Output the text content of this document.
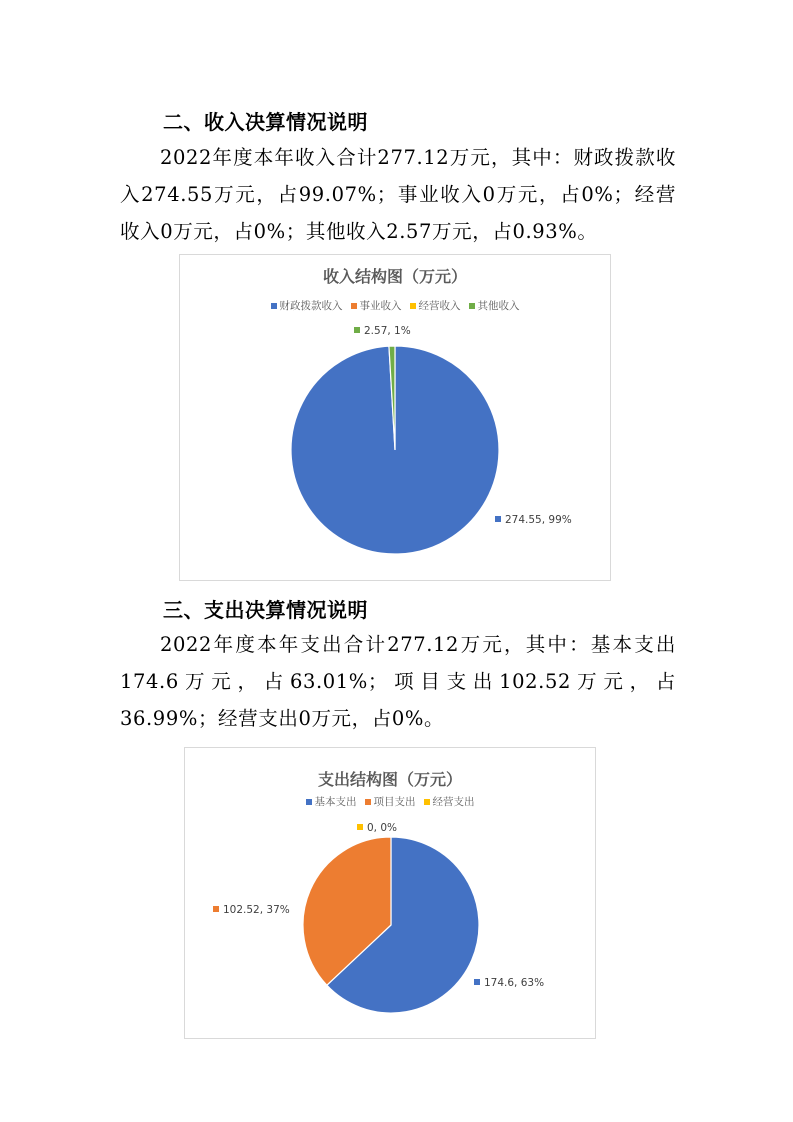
二、收入决算情况说明

2022年度本年收入合计277.12万元，其中：财政拨款收入274.55万元，占99.07%；事业收入0万元，占0%；经营收入0万元，占0%；其他收入2.57万元，占0.93%。

收入结构图（万元）
财政拨款收入 事业收入 经营收入 其他收入
274.55, 99%
2.57, 1%
三、支出决算情况说明

2022年度本年支出合计277.12万元，其中：基本支出174.6万元，占63.01%；项目支出102.52万元，占36.99%；经营支出0万元，占0%。

支出结构图（万元）
基本支出 项目支出 经营支出
174.6, 63%
102.52, 37%
0, 0%
